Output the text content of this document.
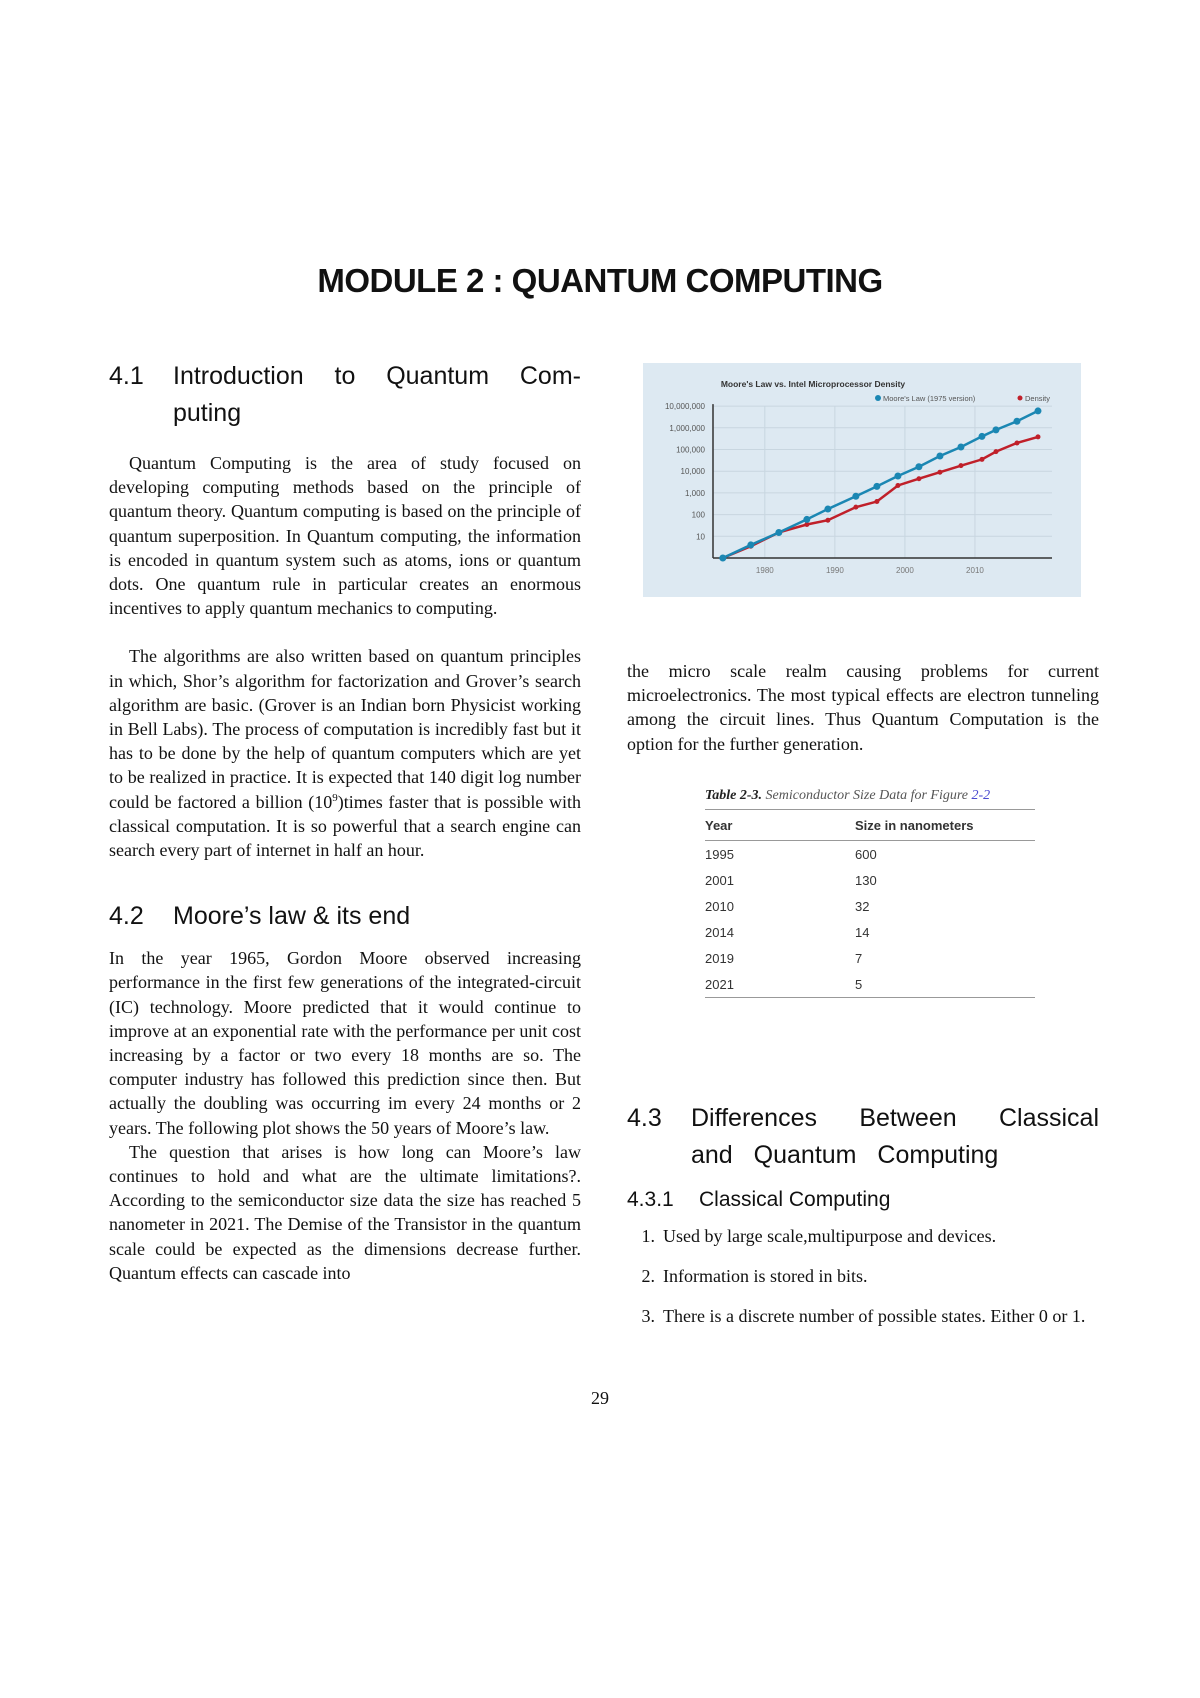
MODULE 2 : QUANTUM COMPUTING
4.1	Introduction to Quantum Com- puting

Quantum Computing is the area of study focused on developing computing methods based on the principle of quantum theory. Quantum computing is based on the principle of quantum superposition. In Quantum computing, the information is encoded in quantum system such as atoms, ions or quantum dots. One quantum rule in particular creates an enormous incentives to apply quantum mechanics to computing.

The algorithms are also written based on quantum principles in which, Shor’s algorithm for factorization and Grover’s search algorithm are basic. (Grover is an Indian born Physicist working in Bell Labs). The process of computation is incredibly fast but it has to be done by the help of quantum computers which are yet to be realized in practice. It is expected that 140 digit log number could be factored a billion $(10^9)times$ faster that is possible with classical computation. It is so powerful that a search engine can search every part of internet in half an hour.

4.2	Moore’s law & its end

In the year 1965, Gordon Moore observed increasing performance in the first few generations of the integrated-circuit (IC) technology. Moore predicted that it would continue to improve at an exponential rate with the performance per unit cost increasing by a factor or two every 18 months are so. The computer industry has followed this prediction since then. But actually the doubling was occurring im every 24 months or 2 years. The following plot shows the 50 years of Moore’s law.

The question that arises is how long can Moore’s law continues to hold and what are the ultimate limitations?. According to the semiconductor size data the size has reached 5 nanometer in 2021. The Demise of the Transistor in the quantum scale could be expected as the dimensions decrease further. Quantum effects can cascade into

10
100
1,000
10,000
100,000
1,000,000
10,000,000
1980	1990	2000	2010
Moore's Law vs. Intel Microprocessor Density
Moore's Law (1975 version)	Density

the micro scale realm causing problems for current microelectronics. The most typical effects are electron tunneling among the circuit lines. Thus Quantum Computation is the option for the further generation.

Table 2-3. Semiconductor Size Data for Figure 2-2
Year	Size in nanometers
1995	600
2001	130
2010	32
2014	14
2019	7
2021	5
4.3	Differences Between Classical and Quantum Computing
4.3.1	Classical Computing
1. Used by large scale,multipurpose and devices.
2. Information is stored in bits.
3. There is a discrete number of possible states. Either 0 or 1.
29
